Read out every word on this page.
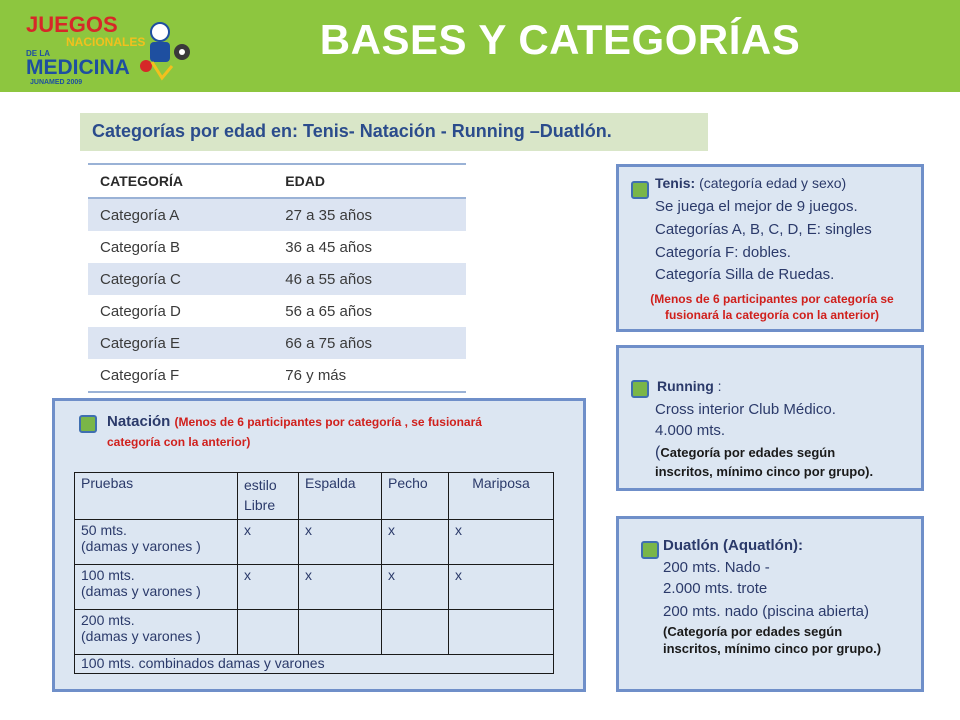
JUEGOS
NACIONALES
DE LA
MEDICINA
JUNAMED 2009
BASES Y CATEGORÍAS
Categorías por edad en: Tenis- Natación - Running –Duatlón.
CATEGORÍA	EDAD
Categoría A	27 a 35 años
Categoría B	36 a 45 años
Categoría C	46 a 55 años
Categoría D	56 a 65 años
Categoría E	66 a 75 años
Categoría F	76 y más
Tenis: (categoría edad y sexo)
Se juega el mejor de 9 juegos.
Categorías A, B, C, D, E: singles
Categoría F: dobles.
Categoría Silla de Ruedas.
(Menos de 6 participantes por categoría se
fusionará la categoría con la anterior)
Running :
Cross interior Club Médico.
4.000 mts.
(Categoría por edades según
inscritos, mínimo cinco por grupo).
Duatlón (Aquatlón):
200 mts. Nado -
2.000 mts. trote
200 mts. nado (piscina abierta)
(Categoría por edades según
inscritos, mínimo cinco por grupo.)
Natación (Menos de 6 participantes por categoría , se fusionará
categoría con la anterior)
Pruebas	estilo Libre	Espalda	Pecho	Mariposa

50 mts.
(damas y varones )	x	x	x	x

100 mts.
(damas y varones )	x	x	x	x

200 mts.
(damas y varones )				

100 mts. combinados damas y varones				
